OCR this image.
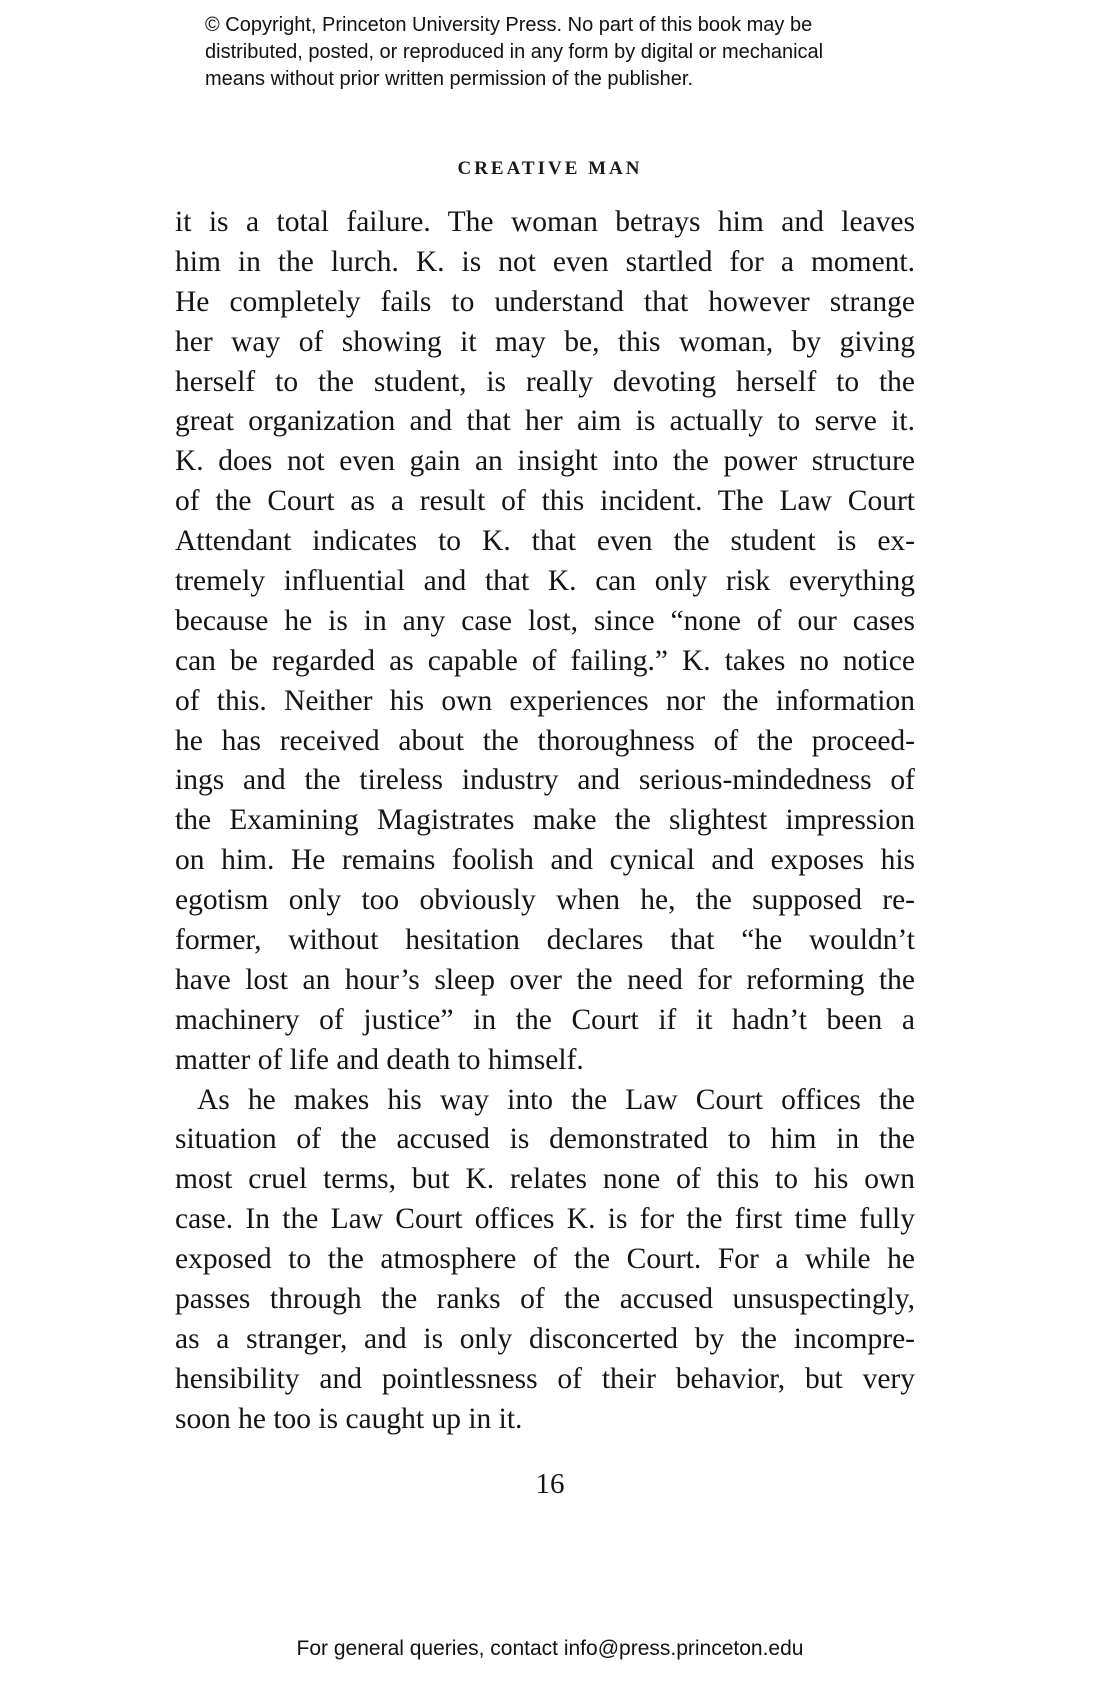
© Copyright, Princeton University Press. No part of this book may be
distributed, posted, or reproduced in any form by digital or mechanical
means without prior written permission of the publisher.
CREATIVE MAN
it is a total failure. The woman betrays him and leaves
him in the lurch. K. is not even startled for a moment.
He completely fails to understand that however strange
her way of showing it may be, this woman, by giving
herself to the student, is really devoting herself to the
great organization and that her aim is actually to serve it.
K. does not even gain an insight into the power structure
of the Court as a result of this incident. The Law Court
Attendant indicates to K. that even the student is ex-
tremely influential and that K. can only risk everything
because he is in any case lost, since “none of our cases
can be regarded as capable of failing.” K. takes no notice
of this. Neither his own experiences nor the information
he has received about the thoroughness of the proceed-
ings and the tireless industry and serious-mindedness of
the Examining Magistrates make the slightest impression
on him. He remains foolish and cynical and exposes his
egotism only too obviously when he, the supposed re-
former, without hesitation declares that “he wouldn’t
have lost an hour’s sleep over the need for reforming the
machinery of justice” in the Court if it hadn’t been a
matter of life and death to himself.
As he makes his way into the Law Court offices the
situation of the accused is demonstrated to him in the
most cruel terms, but K. relates none of this to his own
case. In the Law Court offices K. is for the first time fully
exposed to the atmosphere of the Court. For a while he
passes through the ranks of the accused unsuspectingly,
as a stranger, and is only disconcerted by the incompre-
hensibility and pointlessness of their behavior, but very
soon he too is caught up in it.
16
For general queries, contact info@press.princeton.edu
